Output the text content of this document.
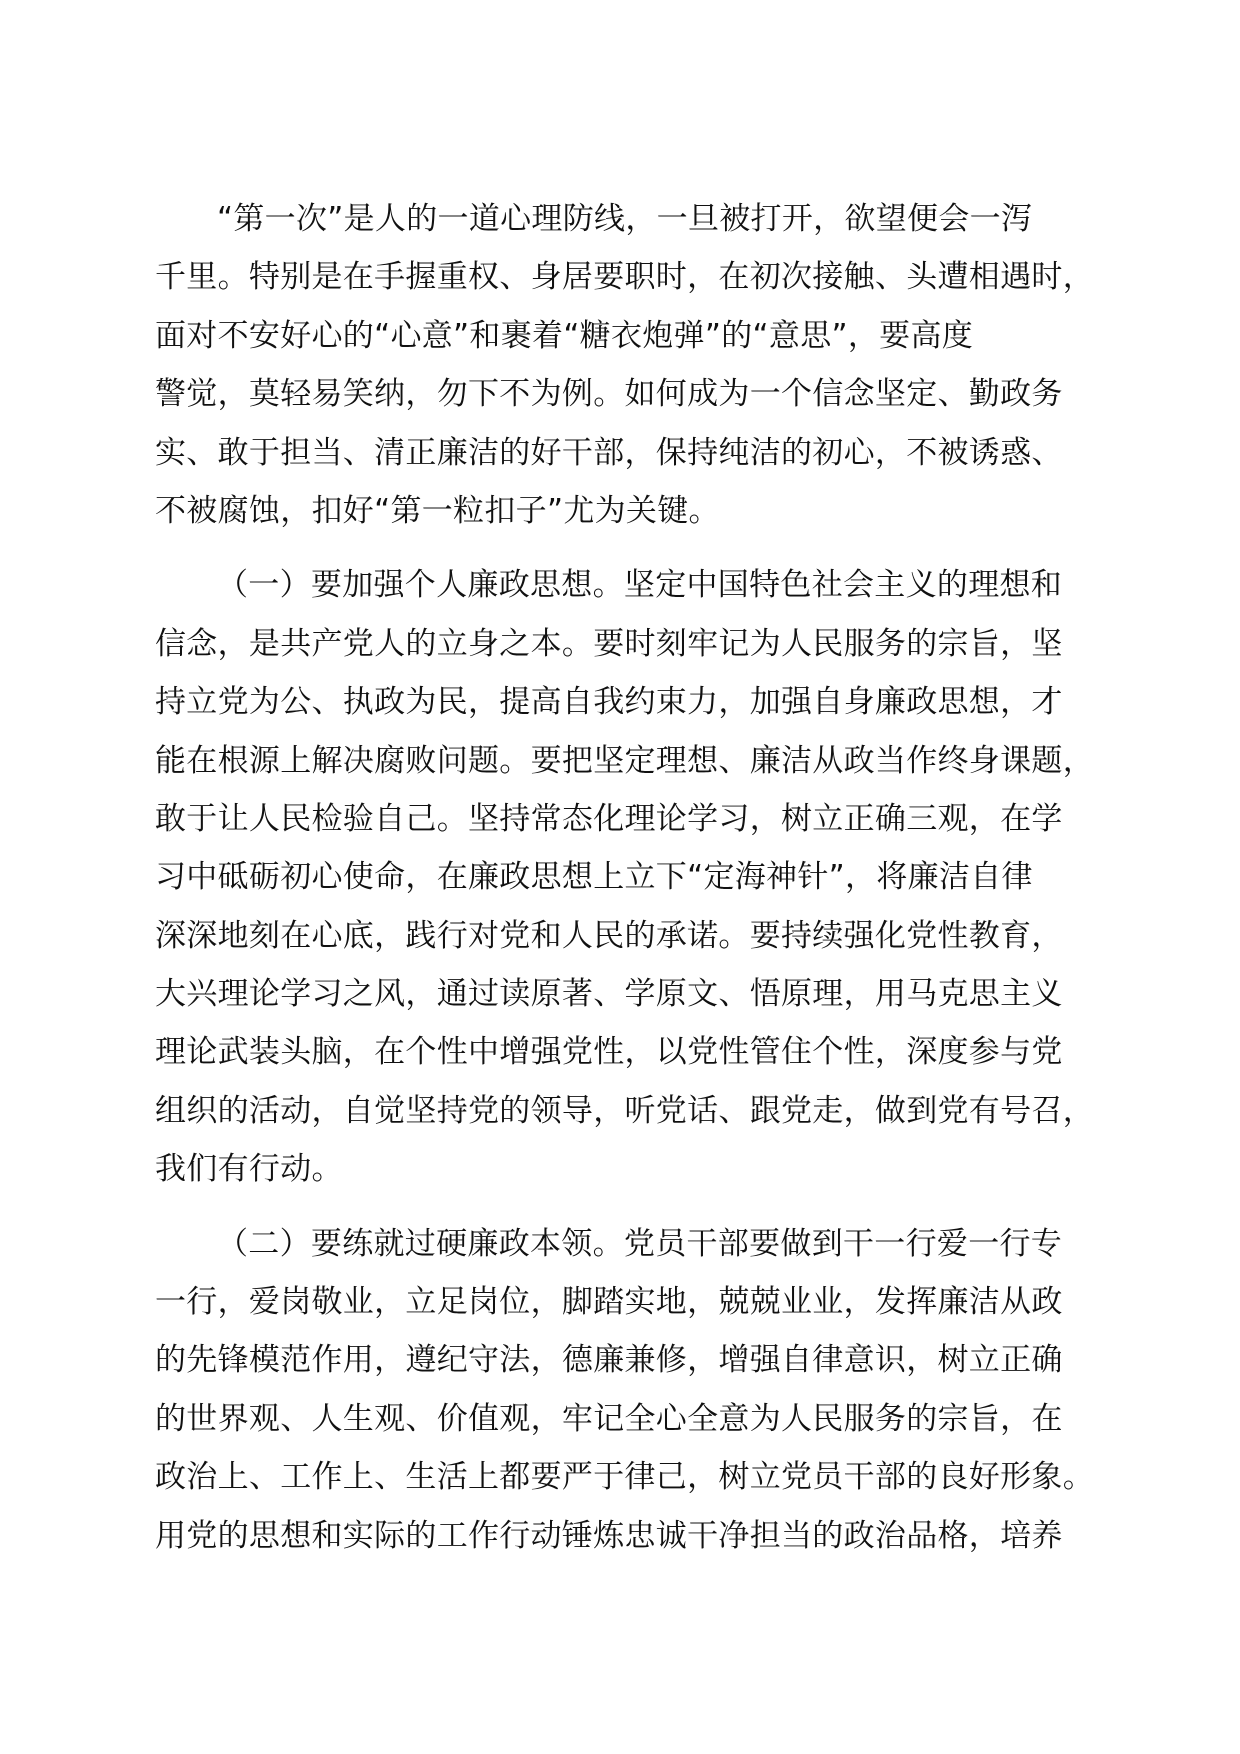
“第一次”是人的一道心理防线，一旦被打开，欲望便会一泻
千里。特别是在手握重权、身居要职时，在初次接触、头遭相遇时，
面对不安好心的“心意”和裹着“糖衣炮弹”的“意思”，要高度
警觉，莫轻易笑纳，勿下不为例。如何成为一个信念坚定、勤政务
实、敢于担当、清正廉洁的好干部，保持纯洁的初心，不被诱惑、
不被腐蚀，扣好“第一粒扣子”尤为关键。
（一）要加强个人廉政思想。坚定中国特色社会主义的理想和
信念，是共产党人的立身之本。要时刻牢记为人民服务的宗旨，坚
持立党为公、执政为民，提高自我约束力，加强自身廉政思想，才
能在根源上解决腐败问题。要把坚定理想、廉洁从政当作终身课题，
敢于让人民检验自己。坚持常态化理论学习，树立正确三观，在学
习中砥砺初心使命，在廉政思想上立下“定海神针”，将廉洁自律
深深地刻在心底，践行对党和人民的承诺。要持续强化党性教育，
大兴理论学习之风，通过读原著、学原文、悟原理，用马克思主义
理论武装头脑，在个性中增强党性，以党性管住个性，深度参与党
组织的活动，自觉坚持党的领导，听党话、跟党走，做到党有号召，
我们有行动。
（二）要练就过硬廉政本领。党员干部要做到干一行爱一行专
一行，爱岗敬业，立足岗位，脚踏实地，兢兢业业，发挥廉洁从政
的先锋模范作用，遵纪守法，德廉兼修，增强自律意识，树立正确
的世界观、人生观、价值观，牢记全心全意为人民服务的宗旨，在
政治上、工作上、生活上都要严于律己，树立党员干部的良好形象。
用党的思想和实际的工作行动锤炼忠诚干净担当的政治品格，培养
